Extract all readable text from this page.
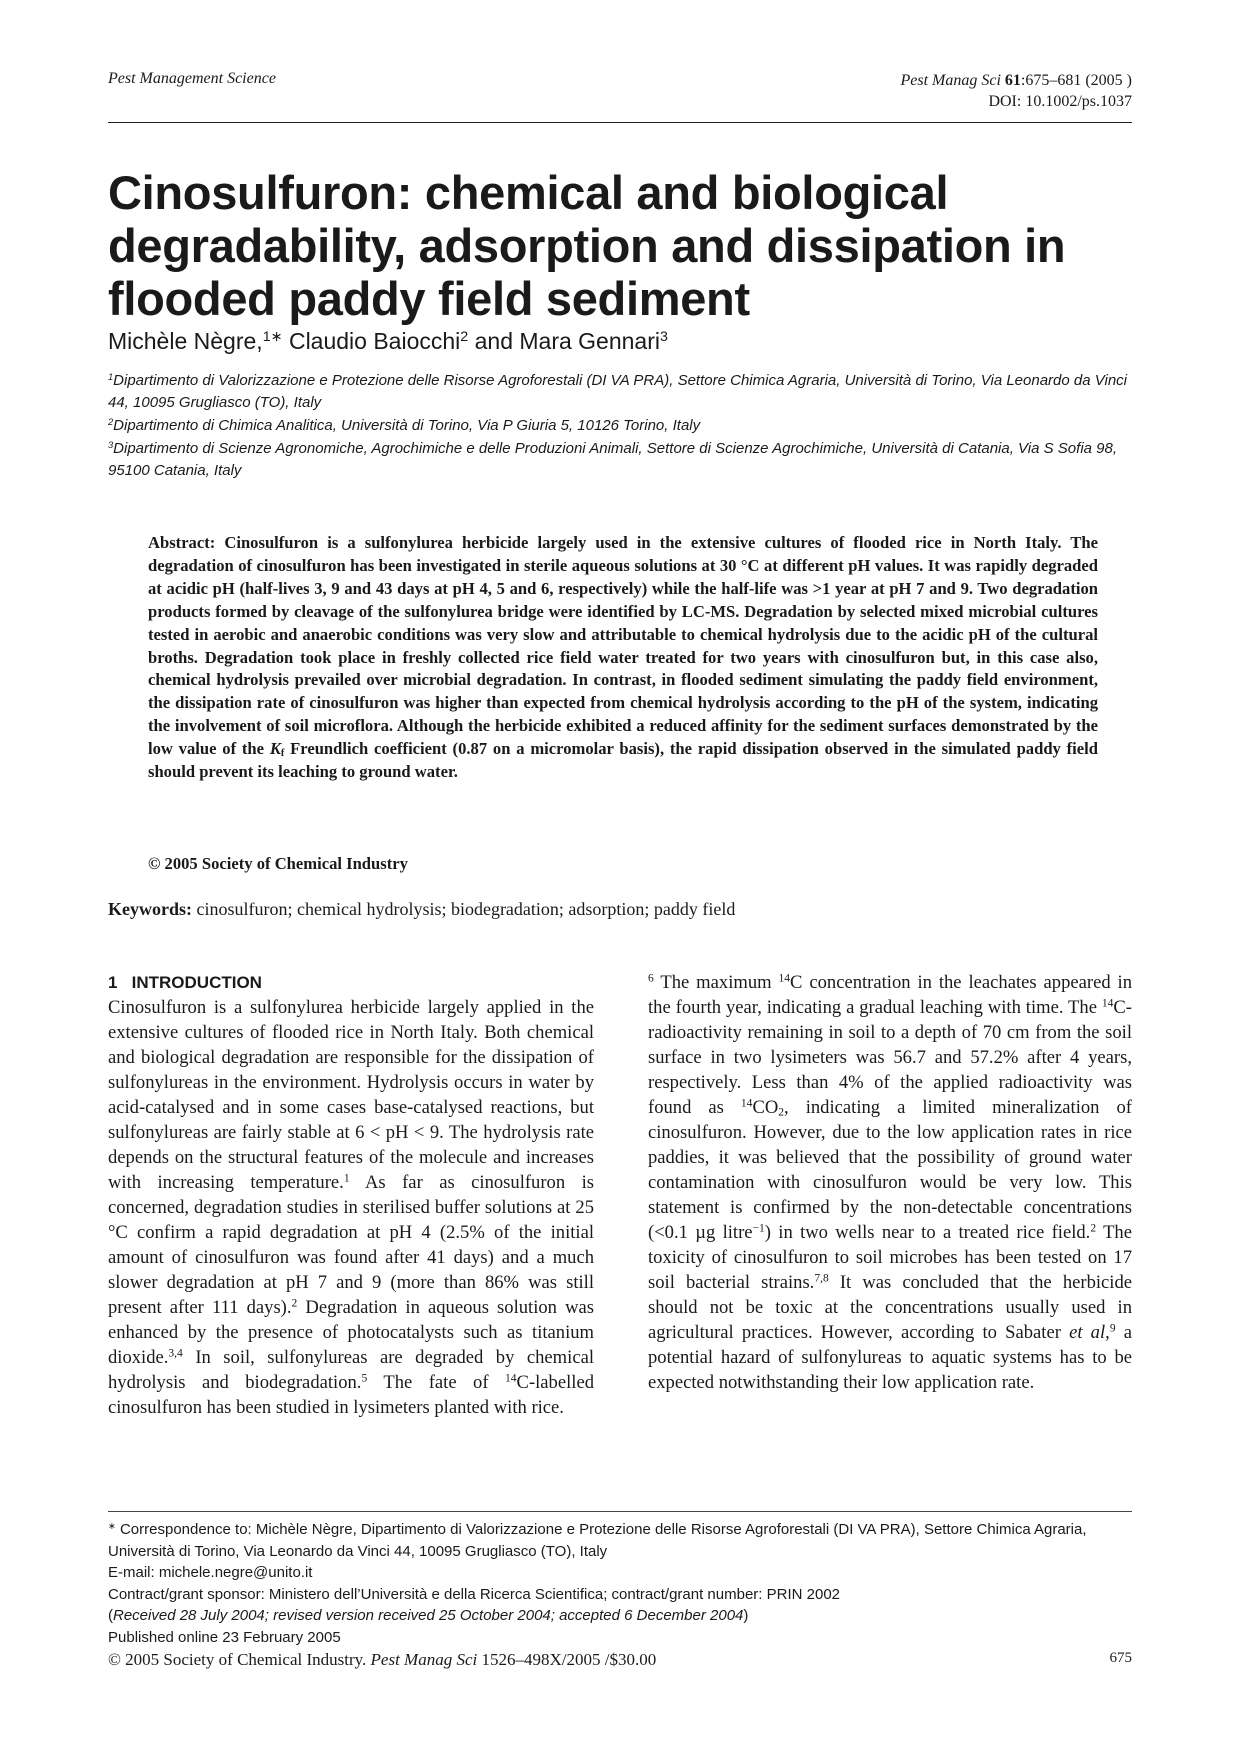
Pest Management Science	Pest Manag Sci 61:675–681 (2005 )
DOI: 10.1002/ps.1037
Cinosulfuron: chemical and biological degradability, adsorption and dissipation in flooded paddy field sediment
Michèle Nègre,$^{1∗}$ Claudio Baiocchi$^2$ and Mara Gennari$^3$
$^1$Dipartimento di Valorizzazione e Protezione delle Risorse Agroforestali (DI VA PRA), Settore Chimica Agraria, Università di Torino, Via Leonardo da Vinci 44, 10095 Grugliasco (TO), Italy
$^2$Dipartimento di Chimica Analitica, Università di Torino, Via P Giuria 5, 10126 Torino, Italy
$^3$Dipartimento di Scienze Agronomiche, Agrochimiche e delle Produzioni Animali, Settore di Scienze Agrochimiche, Università di Catania, Via S Sofia 98, 95100 Catania, Italy
Abstract: Cinosulfuron is a sulfonylurea herbicide largely used in the extensive cultures of flooded rice in North Italy. The degradation of cinosulfuron has been investigated in sterile aqueous solutions at 30 °C at different pH values. It was rapidly degraded at acidic pH (half-lives 3, 9 and 43 days at pH 4, 5 and 6, respectively) while the half-life was >1 year at pH 7 and 9. Two degradation products formed by cleavage of the sulfonylurea bridge were identified by LC-MS. Degradation by selected mixed microbial cultures tested in aerobic and anaerobic conditions was very slow and attributable to chemical hydrolysis due to the acidic pH of the cultural broths. Degradation took place in freshly collected rice field water treated for two years with cinosulfuron but, in this case also, chemical hydrolysis prevailed over microbial degradation. In contrast, in flooded sediment simulating the paddy field environment, the dissipation rate of cinosulfuron was higher than expected from chemical hydrolysis according to the pH of the system, indicating the involvement of soil microflora. Although the herbicide exhibited a reduced affinity for the sediment surfaces demonstrated by the low value of the $K_f$ Freundlich coefficient (0.87 on a micromolar basis), the rapid dissipation observed in the simulated paddy field should prevent its leaching to ground water.
© 2005 Society of Chemical Industry
Keywords: cinosulfuron; chemical hydrolysis; biodegradation; adsorption; paddy field
1 INTRODUCTION

Cinosulfuron is a sulfonylurea herbicide largely applied in the extensive cultures of flooded rice in North Italy. Both chemical and biological degradation are responsible for the dissipation of sulfonylureas in the environment. Hydrolysis occurs in water by acid-catalysed and in some cases base-catalysed reactions, but sulfonylureas are fairly stable at 6 < pH < 9. The hydrolysis rate depends on the structural features of the molecule and increases with increasing temperature.$^1$ As far as cinosulfuron is concerned, degradation studies in sterilised buffer solutions at 25 °C confirm a rapid degradation at pH 4 (2.5% of the initial amount of cinosulfuron was found after 41 days) and a much slower degradation at pH 7 and 9 (more than 86% was still present after 111 days).$^2$ Degradation in aqueous solution was enhanced by the presence of photocatalysts such as titanium dioxide.$^{3,4}$ In soil, sulfonylureas are degraded by chemical hydrolysis and biodegradation.$^5$ The fate of $^{14}$C-labelled cinosulfuron has been studied in lysimeters planted with rice.

$^6$ The maximum $^{14}$C concentration in the leachates appeared in the fourth year, indicating a gradual leaching with time. The $^{14}$C-radioactivity remaining in soil to a depth of 70 cm from the soil surface in two lysimeters was 56.7 and 57.2% after 4 years, respectively. Less than 4% of the applied radioactivity was found as $^{14}CO_2$, indicating a limited mineralization of cinosulfuron. However, due to the low application rates in rice paddies, it was believed that the possibility of ground water contamination with cinosulfuron would be very low. This statement is confirmed by the non-detectable concentrations (<0.1 µg litre$^{-1}$) in two wells near to a treated rice field.$^2$ The toxicity of cinosulfuron to soil microbes has been tested on 17 soil bacterial strains.$^{7,8}$ It was concluded that the herbicide should not be toxic at the concentrations usually used in agricultural practices. However, according to Sabater et al,$^9$ a potential hazard of sulfonylureas to aquatic systems has to be expected notwithstanding their low application rate.

∗ Correspondence to: Michèle Nègre, Dipartimento di Valorizzazione e Protezione delle Risorse Agroforestali (DI VA PRA), Settore Chimica Agraria, Università di Torino, Via Leonardo da Vinci 44, 10095 Grugliasco (TO), Italy
E-mail: michele.negre@unito.it
Contract/grant sponsor: Ministero dell’Università e della Ricerca Scientifica; contract/grant number: PRIN 2002
(Received 28 July 2004; revised version received 25 October 2004; accepted 6 December 2004)
Published online 23 February 2005
© 2005 Society of Chemical Industry. Pest Manag Sci 1526–498X/2005 /$30.00	675
